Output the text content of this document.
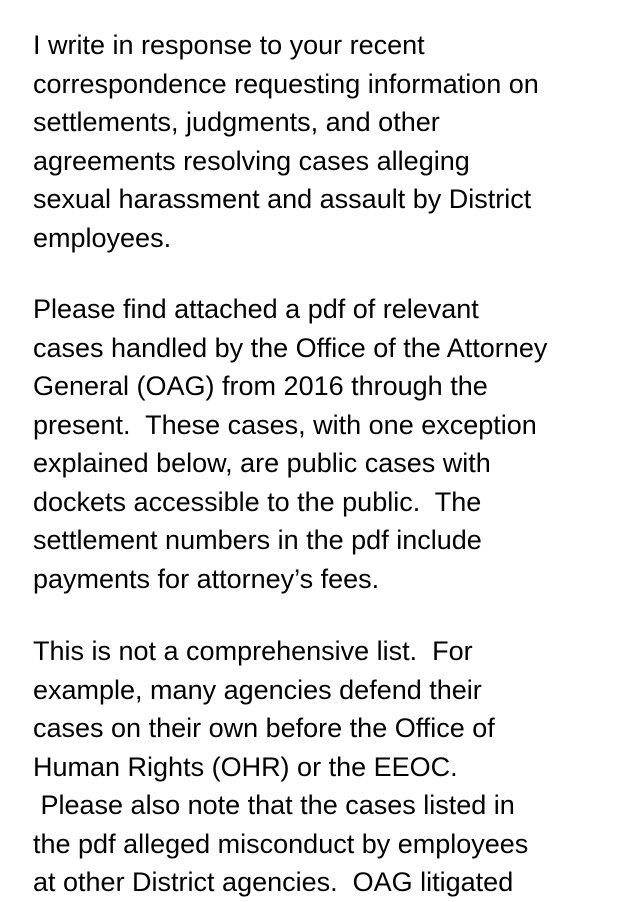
I write in response to your recent
correspondence requesting information on
settlements, judgments, and other
agreements resolving cases alleging
sexual harassment and assault by District
employees.

Please find attached a pdf of relevant
cases handled by the Office of the Attorney
General (OAG) from 2016 through the
present.  These cases, with one exception
explained below, are public cases with
dockets accessible to the public.  The
settlement numbers in the pdf include
payments for attorney’s fees.

This is not a comprehensive list.  For
example, many agencies defend their
cases on their own before the Office of
Human Rights (OHR) or the EEOC.
Please also note that the cases listed in
the pdf alleged misconduct by employees
at other District agencies.  OAG litigated
